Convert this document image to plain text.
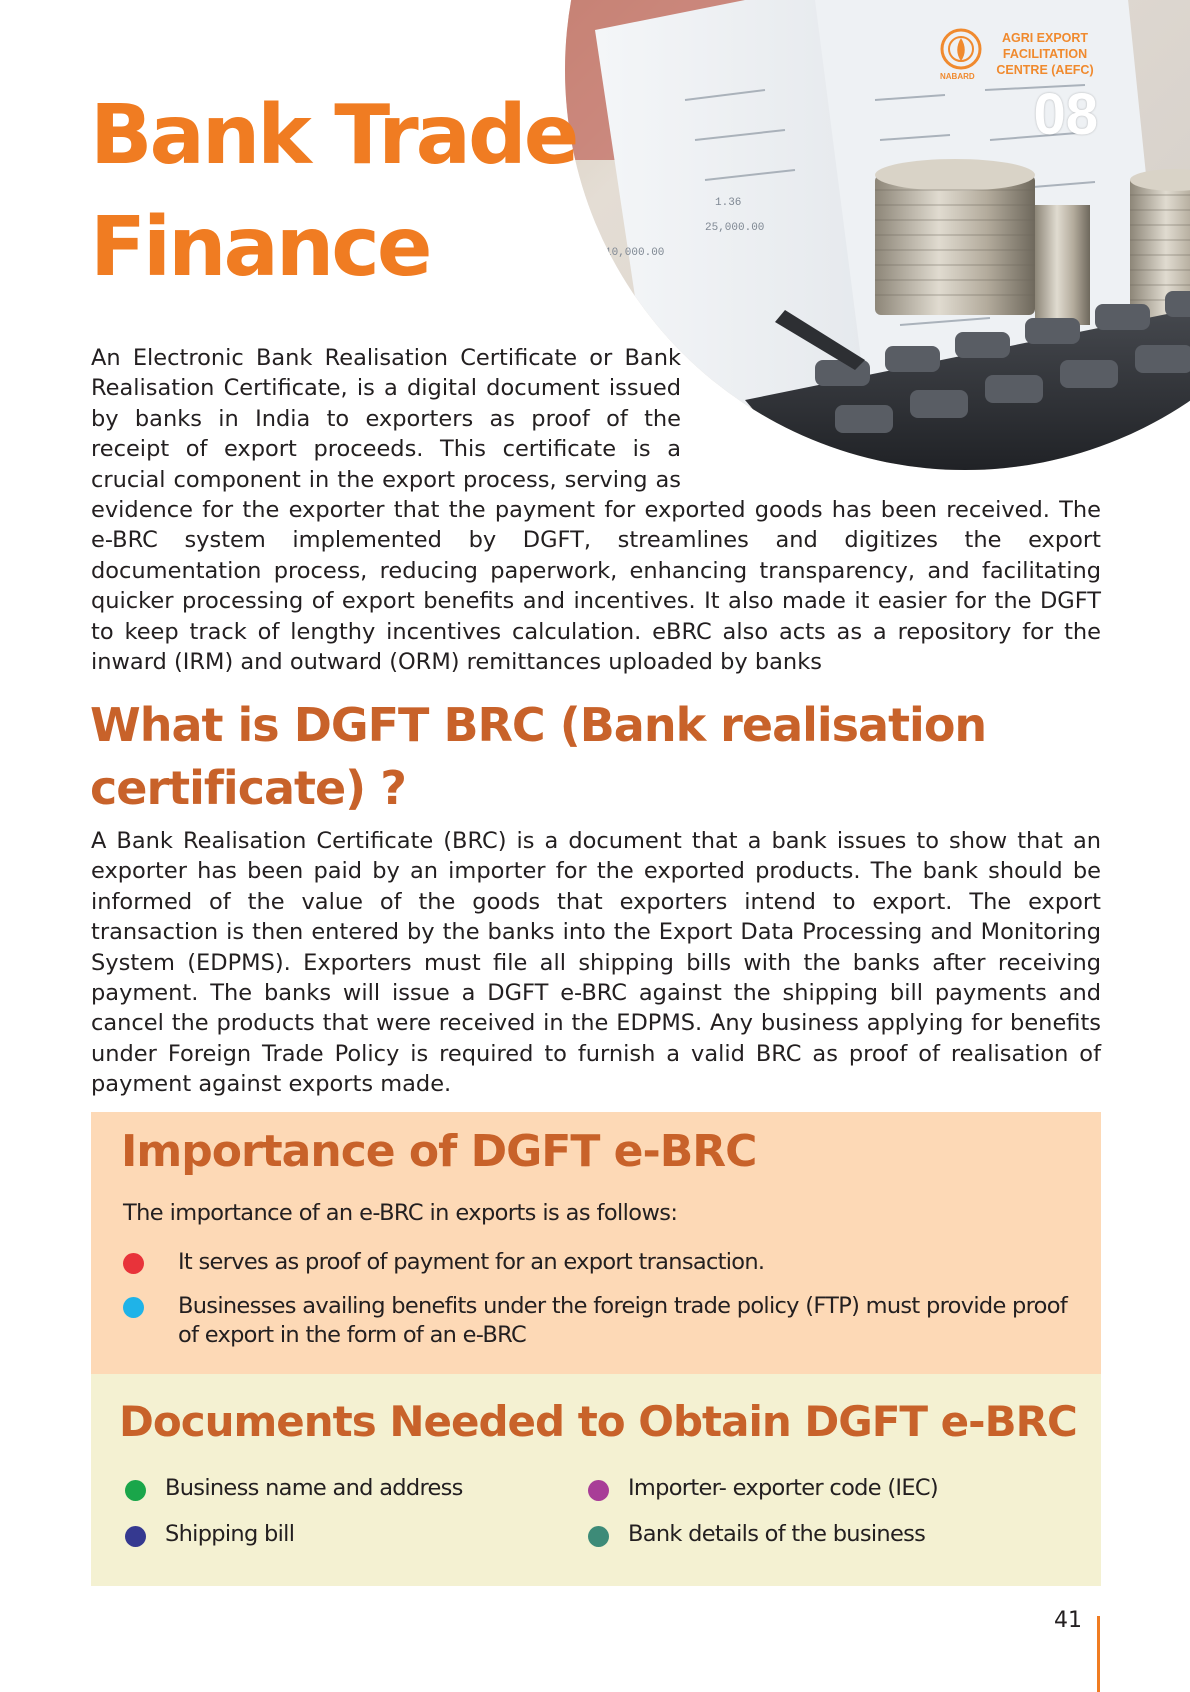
10,000.00
25,000.00
1.36
NABARD
AGRI EXPORT
FACILITATION
CENTRE (AEFC)
08
Bank Trade
Finance

An Electronic Bank Realisation Certificate or Bank Realisation Certificate, is a digital document issued by banks in India to exporters as proof of the receipt of export proceeds. This certificate is a crucial component in the export process, serving as evidence for the exporter that the payment for exported goods has been received. The e-BRC system implemented by DGFT, streamlines and digitizes the export documentation process, reducing paperwork, enhancing transparency, and facilitating quicker processing of export benefits and incentives. It also made it easier for the DGFT to keep track of lengthy incentives calculation. eBRC also acts as a repository for the inward (IRM) and outward (ORM) remittances uploaded by banks

What is DGFT BRC (Bank realisation certificate) ?

A Bank Realisation Certificate (BRC) is a document that a bank issues to show that an exporter has been paid by an importer for the exported products. The bank should be informed of the value of the goods that exporters intend to export. The export transaction is then entered by the banks into the Export Data Processing and Monitoring System (EDPMS). Exporters must file all shipping bills with the banks after receiving payment. The banks will issue a DGFT e-BRC against the shipping bill payments and cancel the products that were received in the EDPMS. Any business applying for benefits under Foreign Trade Policy is required to furnish a valid BRC as proof of realisation of payment against exports made.

Importance of DGFT e-BRC
The importance of an e-BRC in exports is as follows:
It serves as proof of payment for an export transaction.
Businesses availing benefits under the foreign trade policy (FTP) must provide proof of export in the form of an e-BRC
Documents Needed to Obtain DGFT e-BRC
Business name and address	Importer- exporter code (IEC)
Shipping bill	Bank details of the business
41
